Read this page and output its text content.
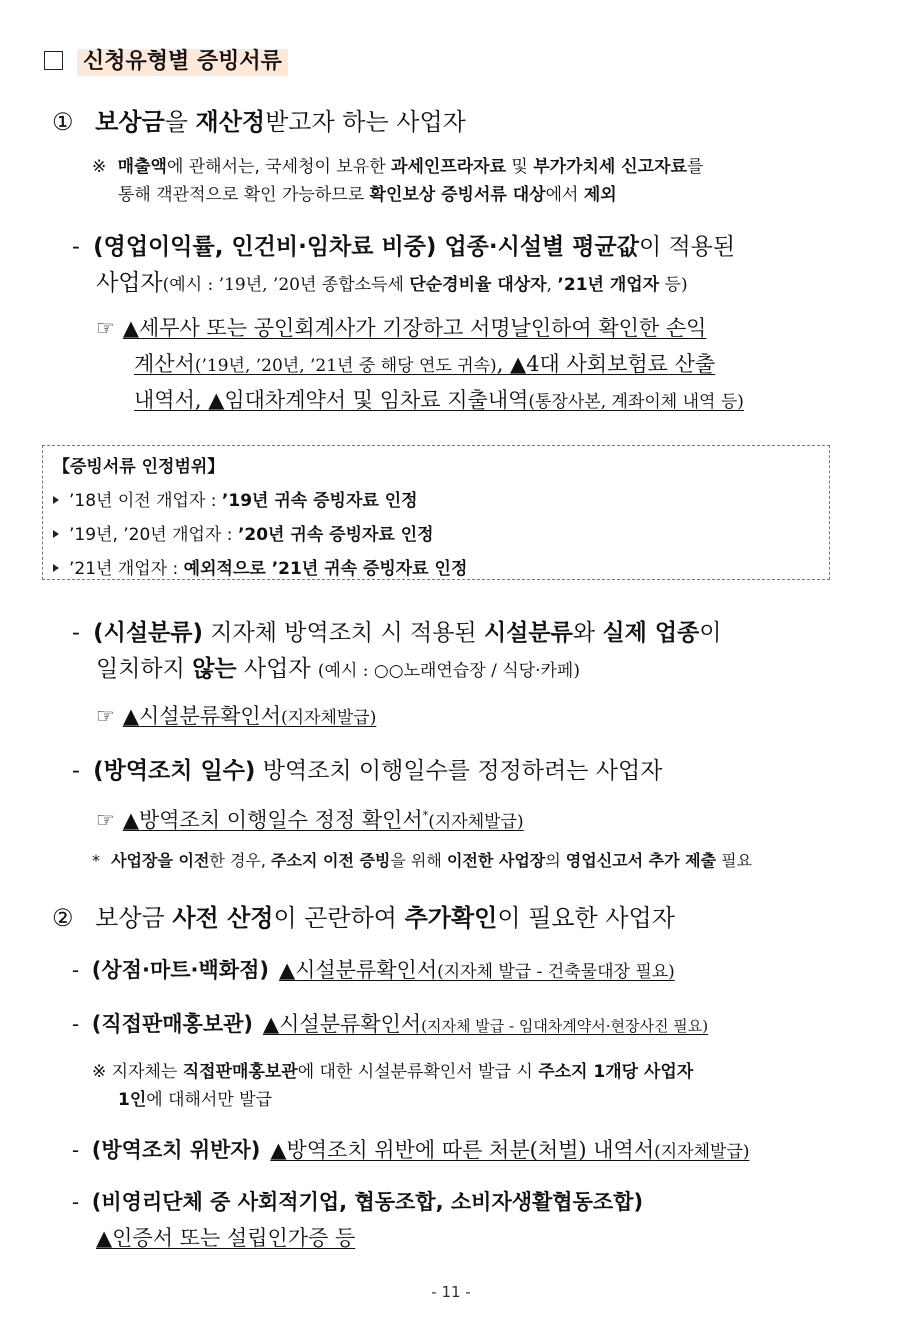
신청유형별 증빙서류
① 보상금을 재산정받고자 하는 사업자
※ 매출액에 관해서는, 국세청이 보유한 과세인프라자료 및 부가가치세 신고자료를
통해 객관적으로 확인 가능하므로 확인보상 증빙서류 대상에서 제외
- (영업이익률, 인건비·임차료 비중) 업종·시설별 평균값이 적용된
사업자(예시 : ’19년, ’20년 종합소득세 단순경비율 대상자, ’21년 개업자 등)
☞ ▲세무사 또는 공인회계사가 기장하고 서명날인하여 확인한 손익
계산서(’19년, ’20년, ’21년 중 해당 연도 귀속), ▲4대 사회보험료 산출
내역서, ▲임대차계약서 및 임차료 지출내역(통장사본, 계좌이체 내역 등)
【증빙서류 인정범위】
’18년 이전 개업자 : ’19년 귀속 증빙자료 인정
’19년, ’20년 개업자 : ’20년 귀속 증빙자료 인정
’21년 개업자 : 예외적으로 ’21년 귀속 증빙자료 인정
- (시설분류) 지자체 방역조치 시 적용된 시설분류와 실제 업종이
일치하지 않는 사업자 (예시 : ○○노래연습장 / 식당·카페)
☞ ▲시설분류확인서(지자체발급)
- (방역조치 일수) 방역조치 이행일수를 정정하려는 사업자
☞ ▲방역조치 이행일수 정정 확인서*(지자체발급)
* 사업장을 이전한 경우, 주소지 이전 증빙을 위해 이전한 사업장의 영업신고서 추가 제출 필요
② 보상금 사전 산정이 곤란하여 추가확인이 필요한 사업자
- (상점·마트·백화점) ▲시설분류확인서(지자체 발급 - 건축물대장 필요)
- (직접판매홍보관) ▲시설분류확인서(지자체 발급 - 임대차계약서·현장사진 필요)
※ 지자체는 직접판매홍보관에 대한 시설분류확인서 발급 시 주소지 1개당 사업자
1인에 대해서만 발급
- (방역조치 위반자) ▲방역조치 위반에 따른 처분(처벌) 내역서(지자체발급)
- (비영리단체 중 사회적기업, 협동조합, 소비자생활협동조합)
▲인증서 또는 설립인가증 등
- 11 -
